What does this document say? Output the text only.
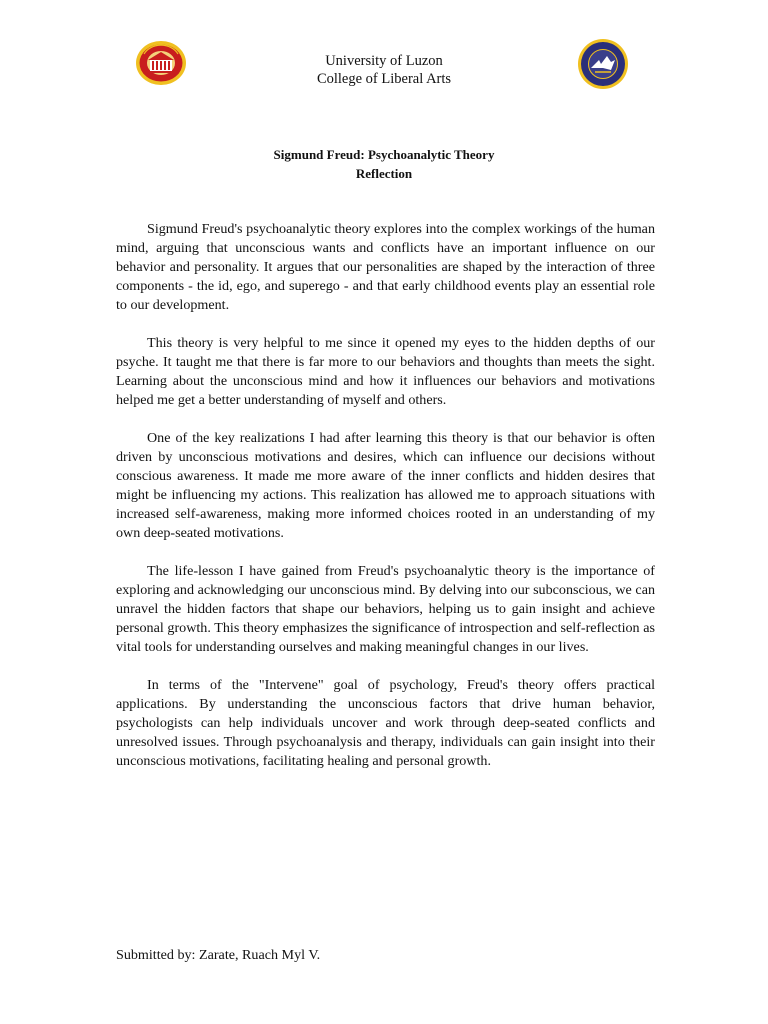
University of Luzon
College of Liberal Arts
Sigmund Freud: Psychoanalytic Theory
Reflection

Sigmund Freud's psychoanalytic theory explores into the complex workings of the human mind, arguing that unconscious wants and conflicts have an important influence on our behavior and personality. It argues that our personalities are shaped by the interaction of three components - the id, ego, and superego - and that early childhood events play an essential role to our development.

This theory is very helpful to me since it opened my eyes to the hidden depths of our psyche. It taught me that there is far more to our behaviors and thoughts than meets the sight. Learning about the unconscious mind and how it influences our behaviors and motivations helped me get a better understanding of myself and others.

One of the key realizations I had after learning this theory is that our behavior is often driven by unconscious motivations and desires, which can influence our decisions without conscious awareness. It made me more aware of the inner conflicts and hidden desires that might be influencing my actions. This realization has allowed me to approach situations with increased self-awareness, making more informed choices rooted in an understanding of my own deep-seated motivations.

The life-lesson I have gained from Freud's psychoanalytic theory is the importance of exploring and acknowledging our unconscious mind. By delving into our subconscious, we can unravel the hidden factors that shape our behaviors, helping us to gain insight and achieve personal growth. This theory emphasizes the significance of introspection and self-reflection as vital tools for understanding ourselves and making meaningful changes in our lives.

In terms of the "Intervene" goal of psychology, Freud's theory offers practical applications. By understanding the unconscious factors that drive human behavior, psychologists can help individuals uncover and work through deep-seated conflicts and unresolved issues. Through psychoanalysis and therapy, individuals can gain insight into their unconscious motivations, facilitating healing and personal growth.

Submitted by: Zarate, Ruach Myl V.
